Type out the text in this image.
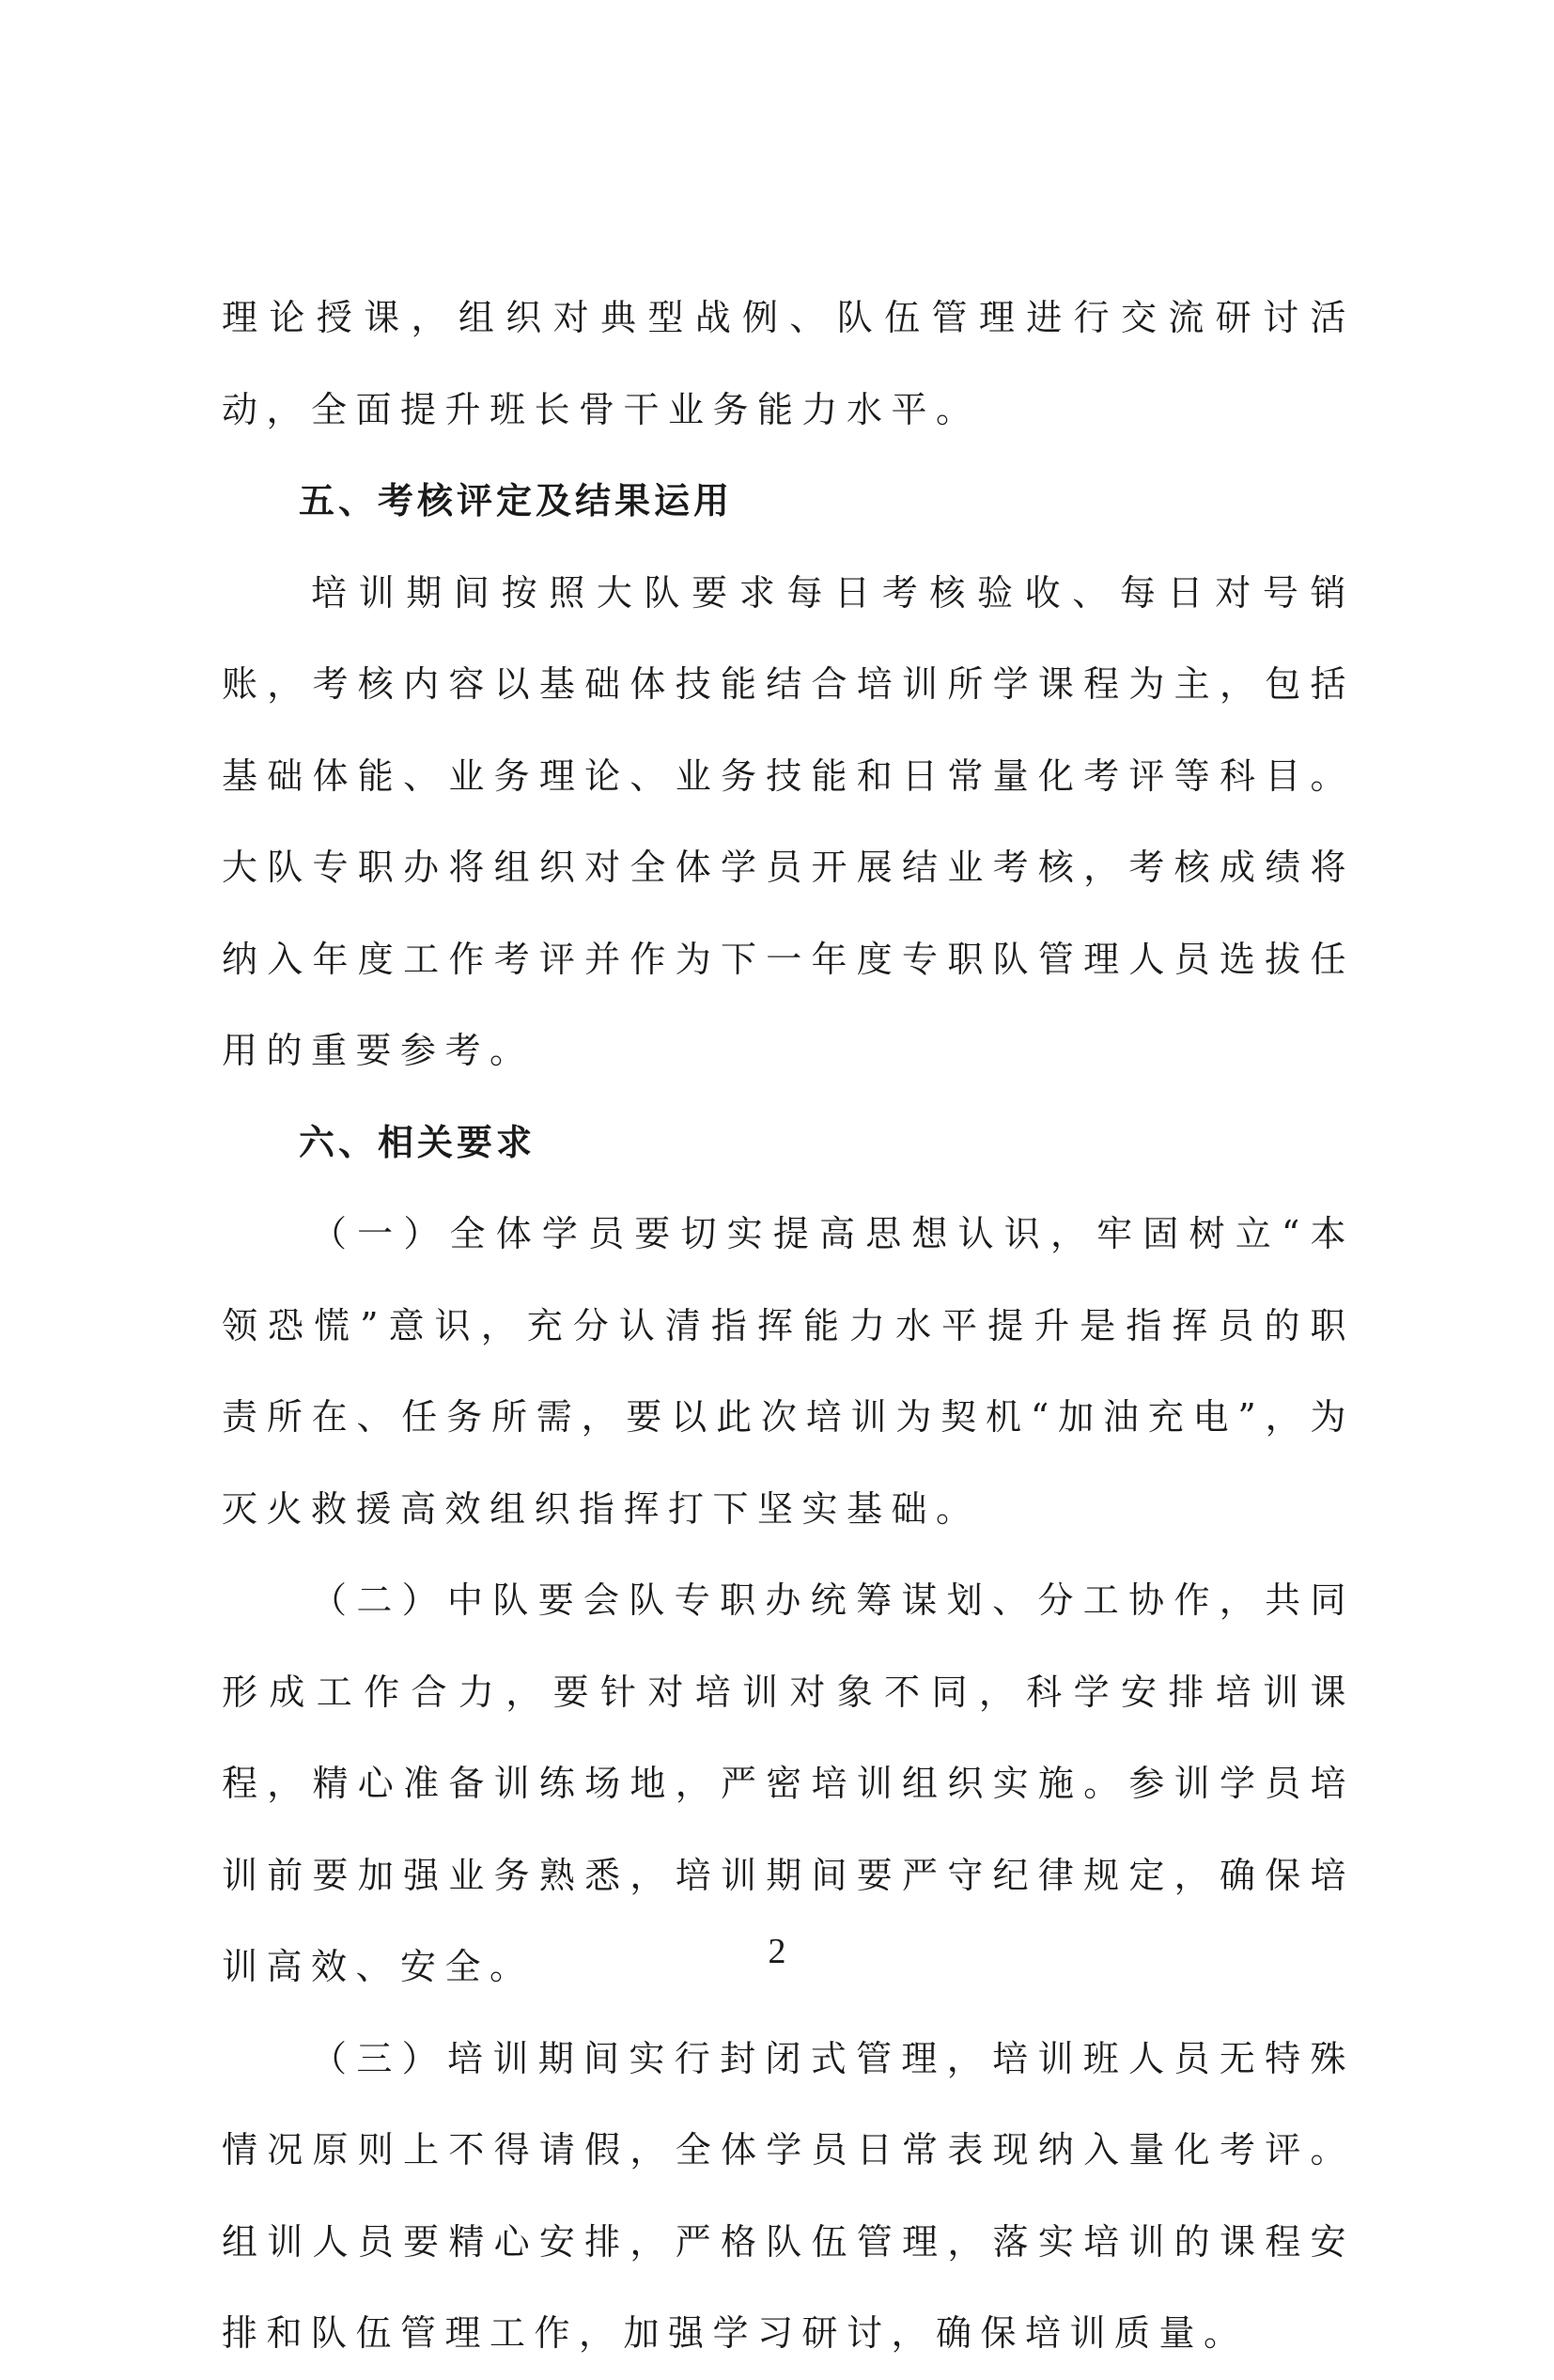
理论授课，组织对典型战例、队伍管理进行交流研讨活动，全面提升班长骨干业务能力水平。

五、考核评定及结果运用

培训期间按照大队要求每日考核验收、每日对号销账，考核内容以基础体技能结合培训所学课程为主，包括基础体能、业务理论、业务技能和日常量化考评等科目。大队专职办将组织对全体学员开展结业考核，考核成绩将纳入年度工作考评并作为下一年度专职队管理人员选拔任用的重要参考。

六、相关要求

（一）全体学员要切实提高思想认识，牢固树立“本领恐慌”意识，充分认清指挥能力水平提升是指挥员的职责所在、任务所需，要以此次培训为契机“加油充电”，为灭火救援高效组织指挥打下坚实基础。

（二）中队要会队专职办统筹谋划、分工协作，共同形成工作合力，要针对培训对象不同，科学安排培训课程，精心准备训练场地，严密培训组织实施。参训学员培训前要加强业务熟悉，培训期间要严守纪律规定，确保培训高效、安全。

（三）培训期间实行封闭式管理，培训班人员无特殊情况原则上不得请假，全体学员日常表现纳入量化考评。组训人员要精心安排，严格队伍管理，落实培训的课程安排和队伍管理工作，加强学习研讨，确保培训质量。

2
